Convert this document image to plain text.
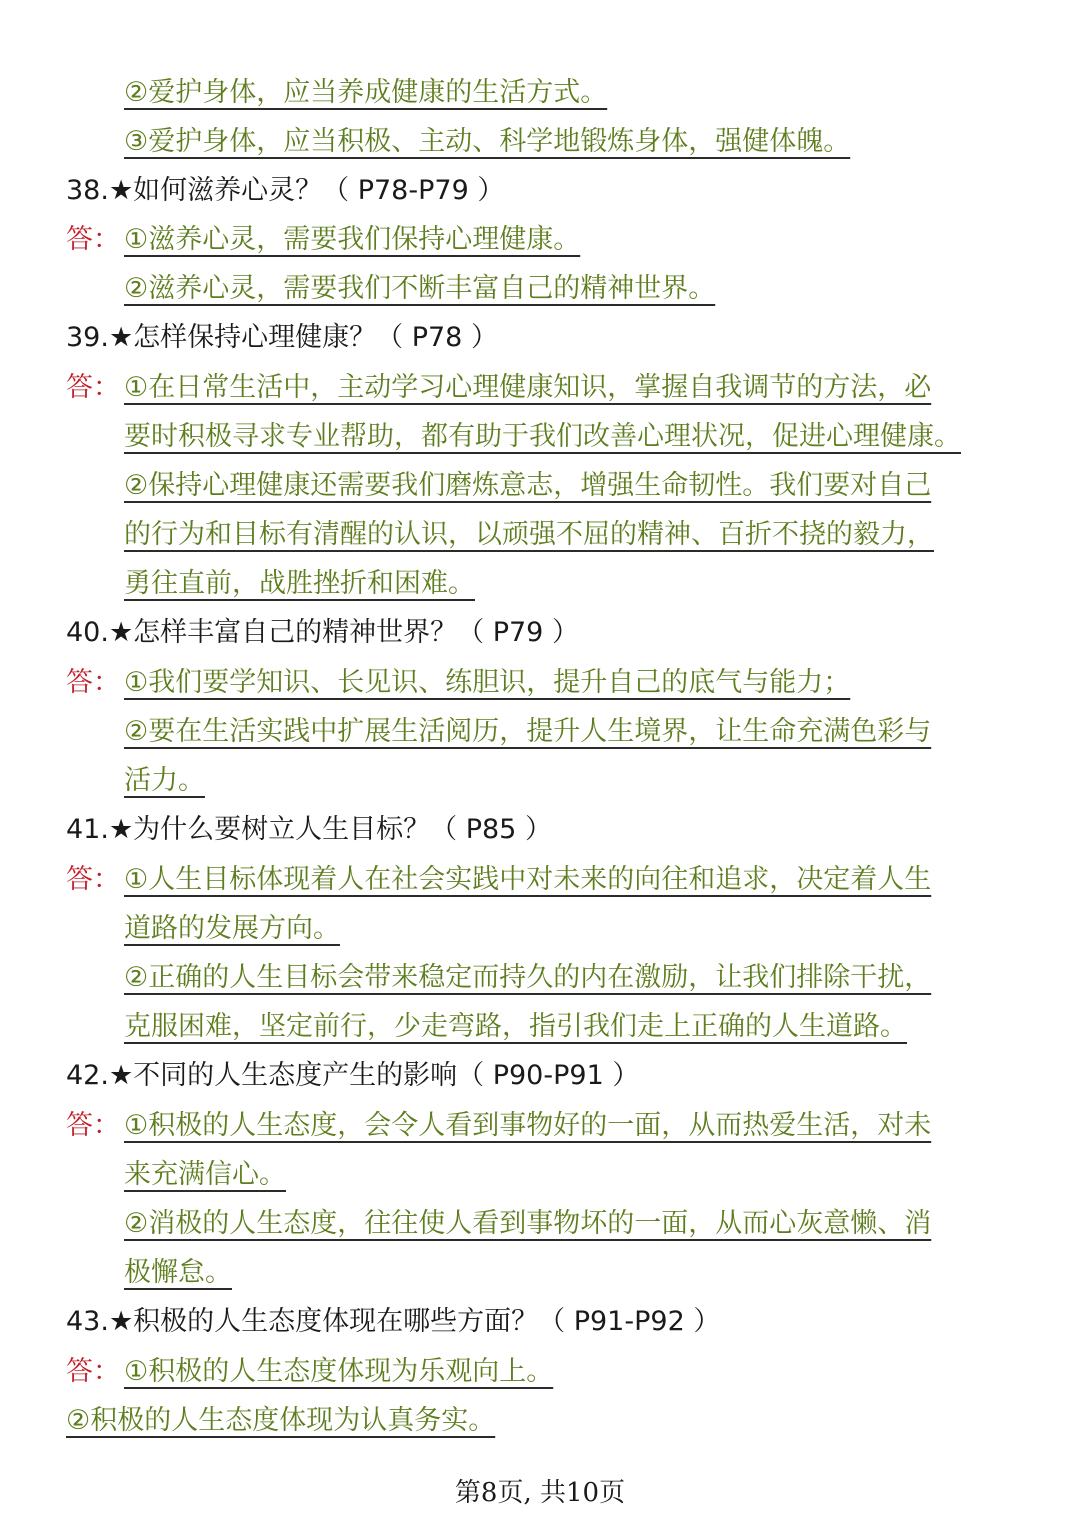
②爱护身体，应当养成健康的生活方式。
③爱护身体，应当积极、主动、科学地锻炼身体，强健体魄。
38.★如何滋养心灵？（ P78-P79 ）
答： ①滋养心灵，需要我们保持心理健康。
②滋养心灵，需要我们不断丰富自己的精神世界。
39.★怎样保持心理健康？（ P78 ）
答： ①在日常生活中，主动学习心理健康知识，掌握自我调节的方法，必
要时积极寻求专业帮助，都有助于我们改善心理状况，促进心理健康。
②保持心理健康还需要我们磨炼意志，增强生命韧性。我们要对自己
的行为和目标有清醒的认识，以顽强不屈的精神、百折不挠的毅力，
勇往直前，战胜挫折和困难。
40.★怎样丰富自己的精神世界？（ P79 ）
答： ①我们要学知识、长见识、练胆识，提升自己的底气与能力；
②要在生活实践中扩展生活阅历，提升人生境界，让生命充满色彩与
活力。
41.★为什么要树立人生目标？（ P85 ）
答： ①人生目标体现着人在社会实践中对未来的向往和追求，决定着人生
道路的发展方向。
②正确的人生目标会带来稳定而持久的内在激励，让我们排除干扰，
克服困难，坚定前行，少走弯路，指引我们走上正确的人生道路。
42.★不同的人生态度产生的影响（ P90-P91 ）
答： ①积极的人生态度，会令人看到事物好的一面，从而热爱生活，对未
来充满信心。
②消极的人生态度，往往使人看到事物坏的一面，从而心灰意懒、消
极懈怠。
43.★积极的人生态度体现在哪些方面？（ P91-P92 ）
答： ①积极的人生态度体现为乐观向上。
②积极的人生态度体现为认真务实。
第8页, 共10页
